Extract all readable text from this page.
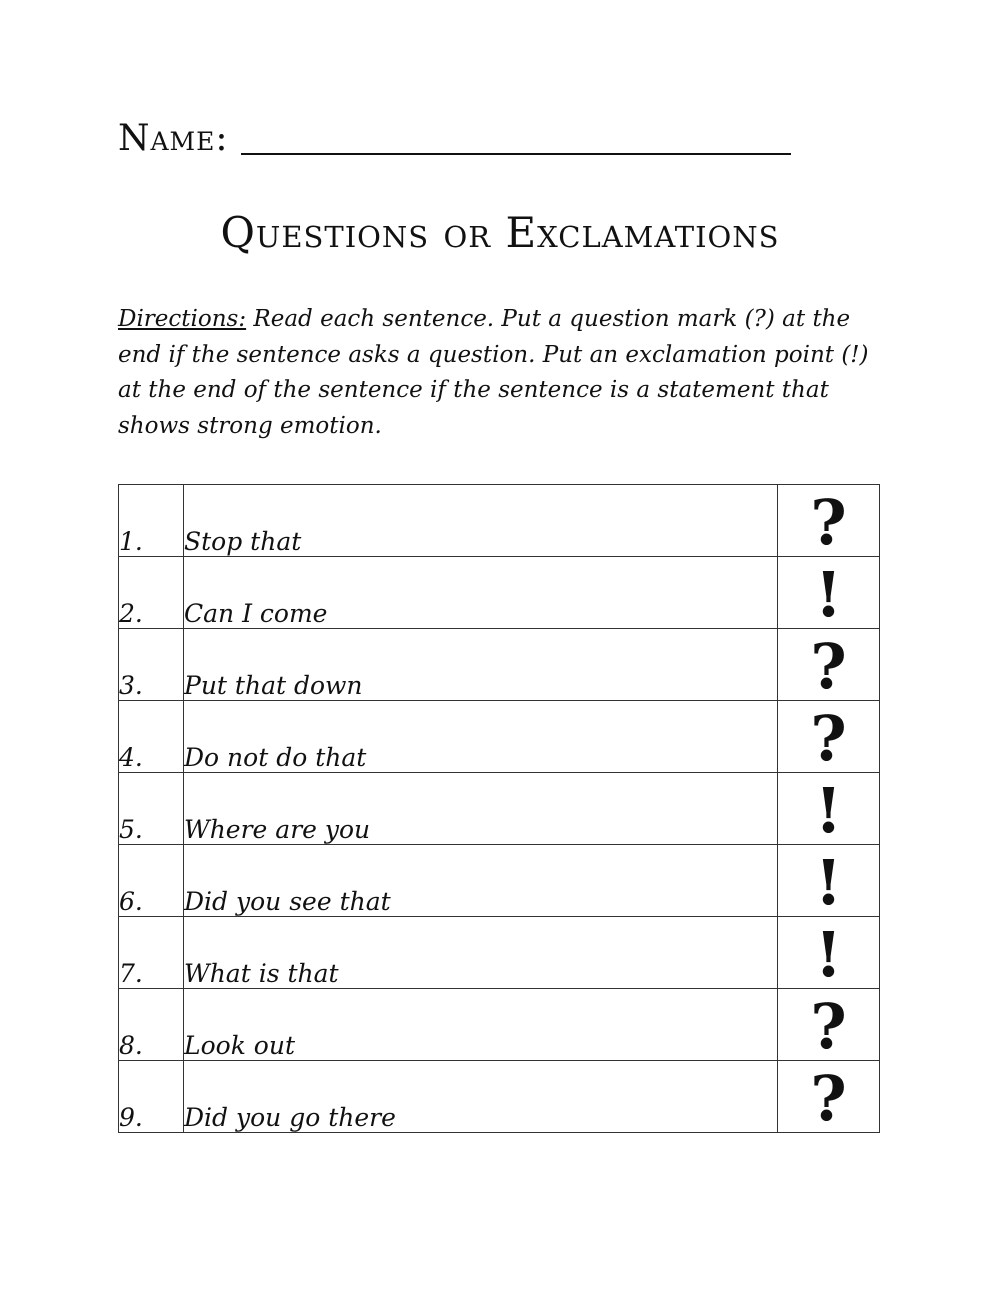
Name:
Questions or Exclamations
Directions: Read each sentence. Put a question mark (?) at the end if the sentence asks a question. Put an exclamation point (!) at the end of the sentence if the sentence is a statement that shows strong emotion.
1.	Stop that	?

2.	Can I come	!

3.	Put that down	?

4.	Do not do that	?

5.	Where are you	!

6.	Did you see that	!

7.	What is that	!

8.	Look out	?

9.	Did you go there	?
